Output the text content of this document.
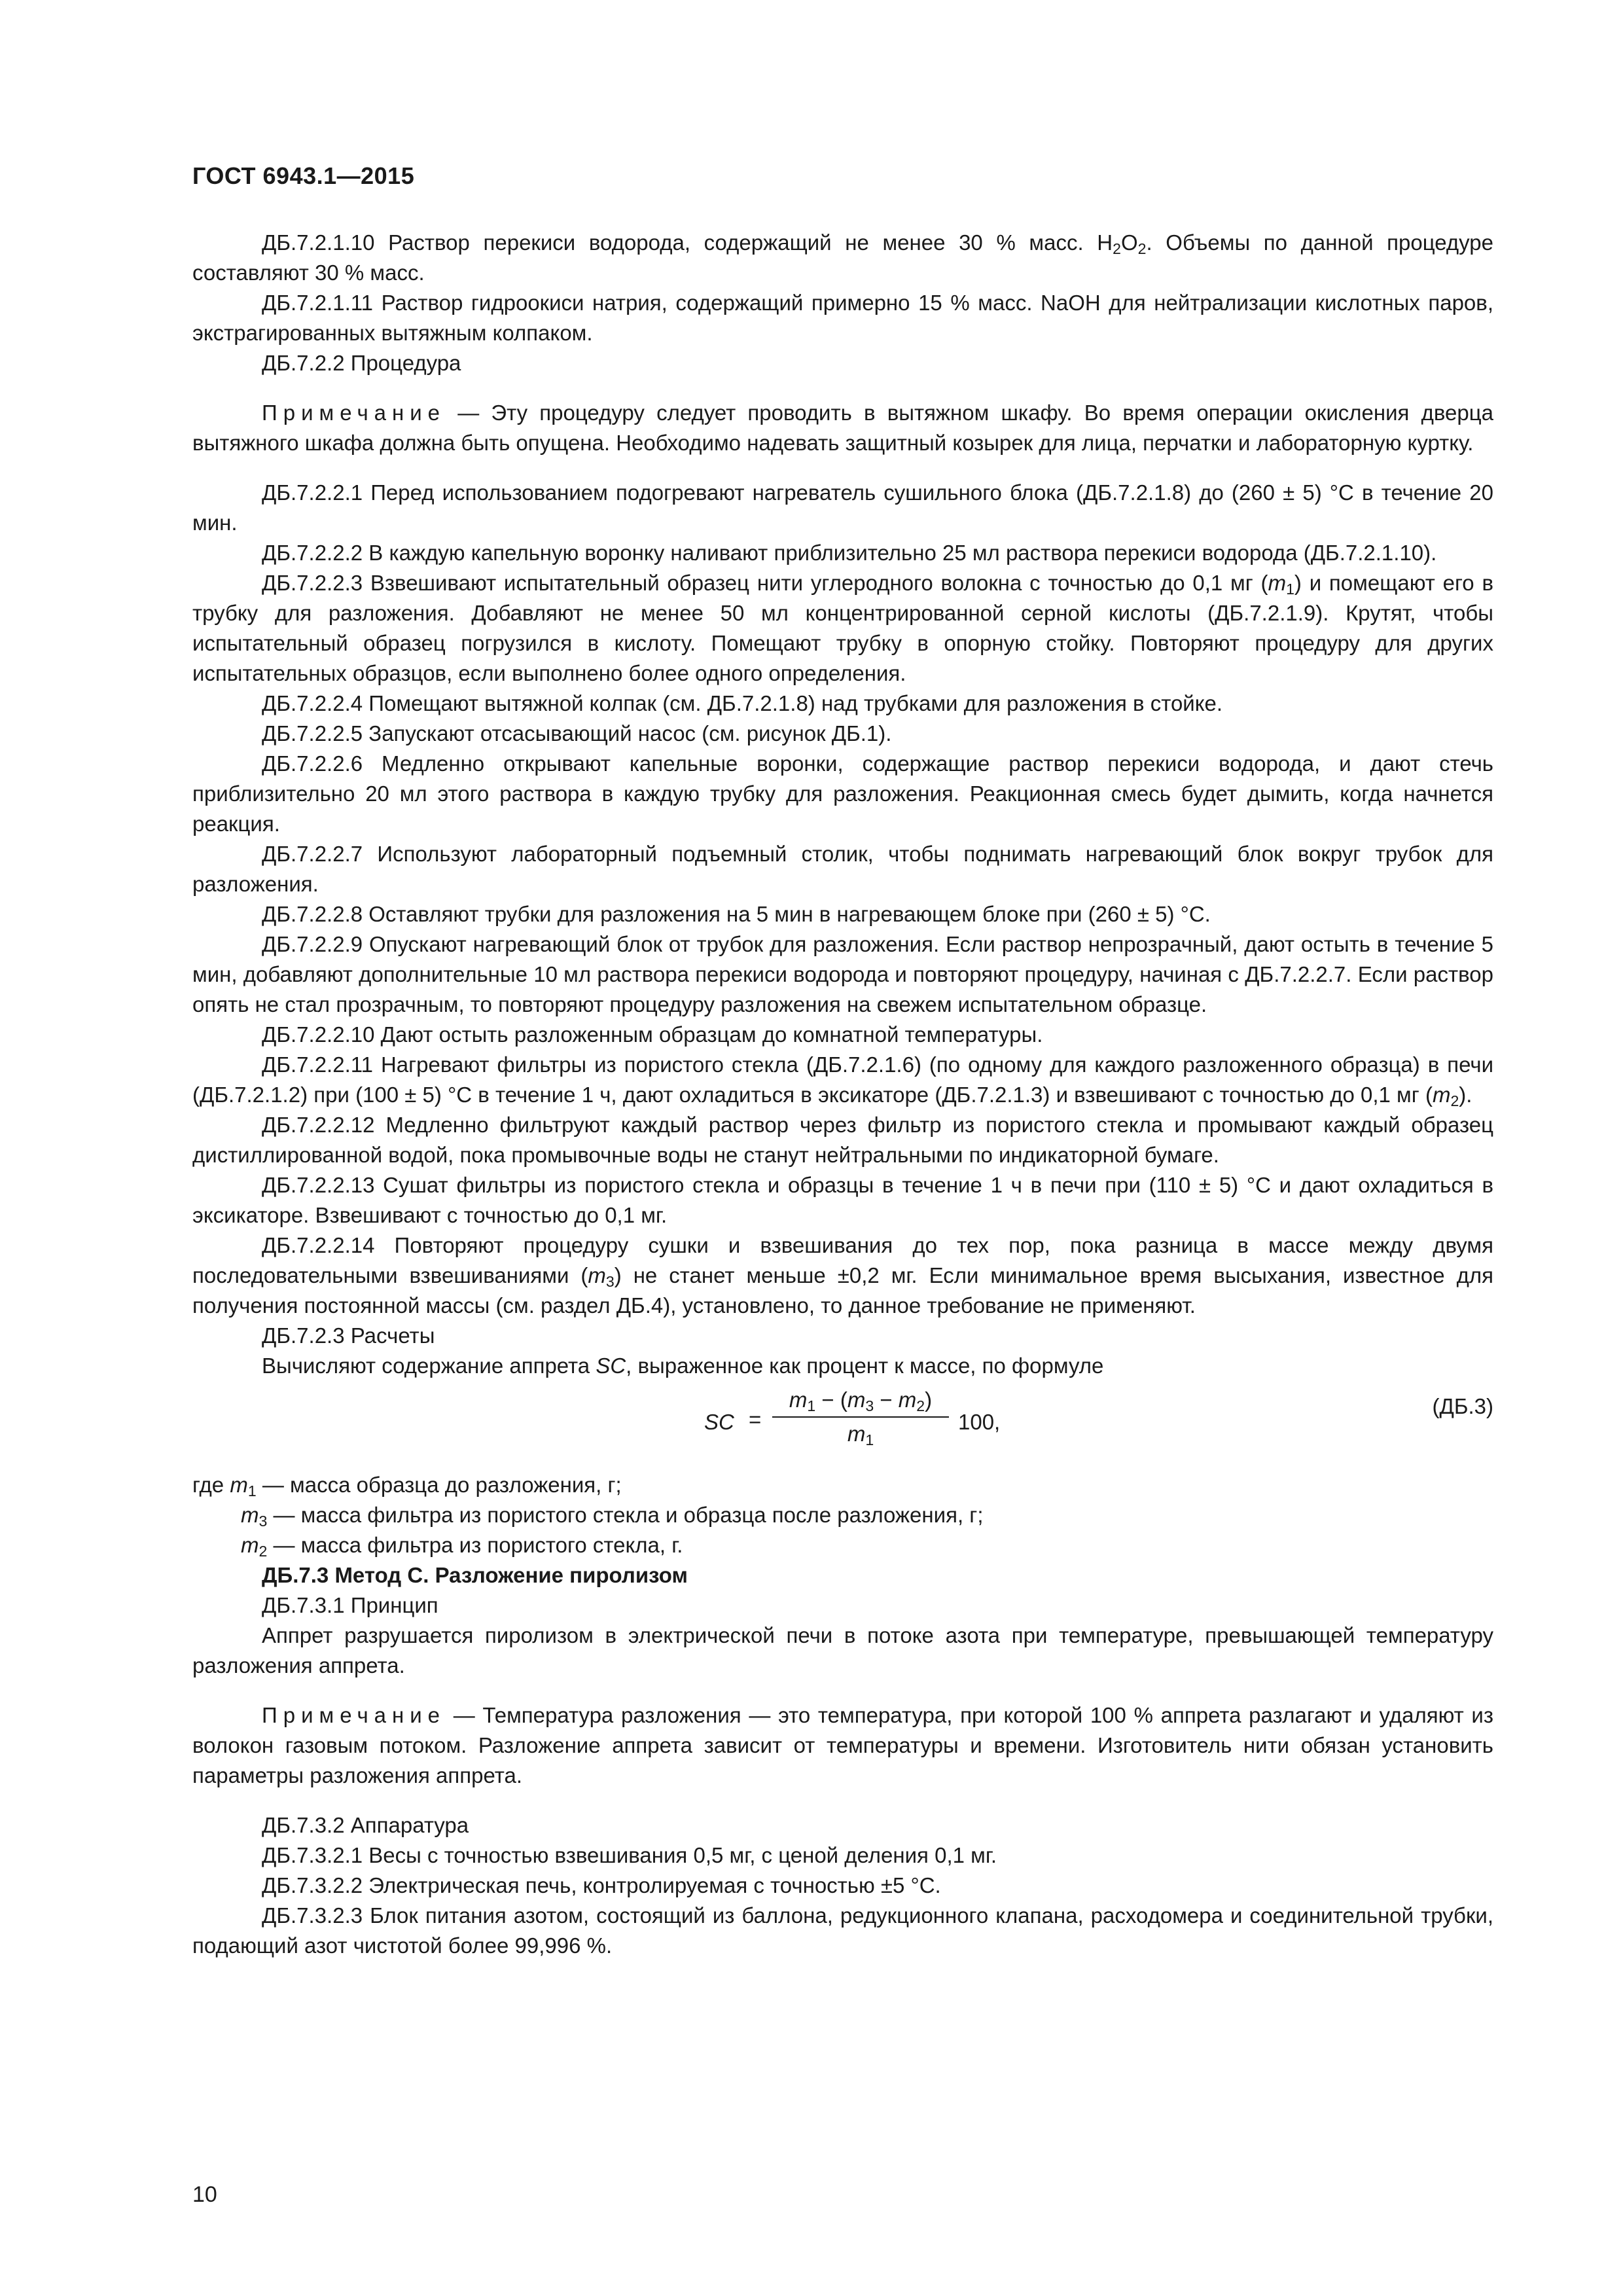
ГОСТ 6943.1—2015

ДБ.7.2.1.10 Раствор перекиси водорода, содержащий не менее 30 % масс. $H_2O_2$. Объемы по данной процедуре составляют 30 % масс.

ДБ.7.2.1.11 Раствор гидроокиси натрия, содержащий примерно 15 % масс. NaOH для нейтрализации кислотных паров, экстрагированных вытяжным колпаком.

ДБ.7.2.2 Процедура

Примечание — Эту процедуру следует проводить в вытяжном шкафу. Во время операции окисления дверца вытяжного шкафа должна быть опущена. Необходимо надевать защитный козырек для лица, перчатки и лабораторную куртку.

ДБ.7.2.2.1 Перед использованием подогревают нагреватель сушильного блока (ДБ.7.2.1.8) до (260 ± 5) °С в течение 20 мин.

ДБ.7.2.2.2 В каждую капельную воронку наливают приблизительно 25 мл раствора перекиси водорода (ДБ.7.2.1.10).

ДБ.7.2.2.3 Взвешивают испытательный образец нити углеродного волокна с точностью до 0,1 мг $(m_1)$ и помещают его в трубку для разложения. Добавляют не менее 50 мл концентрированной серной кислоты (ДБ.7.2.1.9). Крутят, чтобы испытательный образец погрузился в кислоту. Помещают трубку в опорную стойку. Повторяют процедуру для других испытательных образцов, если выполнено более одного определения.

ДБ.7.2.2.4 Помещают вытяжной колпак (см. ДБ.7.2.1.8) над трубками для разложения в стойке.

ДБ.7.2.2.5 Запускают отсасывающий насос (см. рисунок ДБ.1).

ДБ.7.2.2.6 Медленно открывают капельные воронки, содержащие раствор перекиси водорода, и дают стечь приблизительно 20 мл этого раствора в каждую трубку для разложения. Реакционная смесь будет дымить, когда начнется реакция.

ДБ.7.2.2.7 Используют лабораторный подъемный столик, чтобы поднимать нагревающий блок вокруг трубок для разложения.

ДБ.7.2.2.8 Оставляют трубки для разложения на 5 мин в нагревающем блоке при (260 ± 5) °С.

ДБ.7.2.2.9 Опускают нагревающий блок от трубок для разложения. Если раствор непрозрачный, дают остыть в течение 5 мин, добавляют дополнительные 10 мл раствора перекиси водорода и повторяют процедуру, начиная с ДБ.7.2.2.7. Если раствор опять не стал прозрачным, то повторяют процедуру разложения на свежем испытательном образце.

ДБ.7.2.2.10 Дают остыть разложенным образцам до комнатной температуры.

ДБ.7.2.2.11 Нагревают фильтры из пористого стекла (ДБ.7.2.1.6) (по одному для каждого разложенного образца) в печи (ДБ.7.2.1.2) при (100 ± 5) °С в течение 1 ч, дают охладиться в эксикаторе (ДБ.7.2.1.3) и взвешивают с точностью до 0,1 мг $(m_2)$.

ДБ.7.2.2.12 Медленно фильтруют каждый раствор через фильтр из пористого стекла и промывают каждый образец дистиллированной водой, пока промывочные воды не станут нейтральными по индикаторной бумаге.

ДБ.7.2.2.13 Сушат фильтры из пористого стекла и образцы в течение 1 ч в печи при (110 ± 5) °С и дают охладиться в эксикаторе. Взвешивают с точностью до 0,1 мг.

ДБ.7.2.2.14 Повторяют процедуру сушки и взвешивания до тех пор, пока разница в массе между двумя последовательными взвешиваниями $(m_3)$ не станет меньше ±0,2 мг. Если минимальное время высыхания, известное для получения постоянной массы (см. раздел ДБ.4), установлено, то данное требование не применяют.

ДБ.7.2.3 Расчеты

Вычисляют содержание аппрета SC, выраженное как процент к массе, по формуле

SC = $\frac{m_1 - (m_3 - m_2)}{m_1} 100$,
(ДБ.3)

где $m_1$ — масса образца до разложения, г;

$m_3$ — масса фильтра из пористого стекла и образца после разложения, г;

$m_2$ — масса фильтра из пористого стекла, г.

ДБ.7.3 Метод С. Разложение пиролизом

ДБ.7.3.1 Принцип

Аппрет разрушается пиролизом в электрической печи в потоке азота при температуре, превышающей температуру разложения аппрета.

Примечание — Температура разложения — это температура, при которой 100 % аппрета разлагают и удаляют из волокон газовым потоком. Разложение аппрета зависит от температуры и времени. Изготовитель нити обязан установить параметры разложения аппрета.

ДБ.7.3.2 Аппаратура

ДБ.7.3.2.1 Весы с точностью взвешивания 0,5 мг, с ценой деления 0,1 мг.

ДБ.7.3.2.2 Электрическая печь, контролируемая с точностью ±5 °С.

ДБ.7.3.2.3 Блок питания азотом, состоящий из баллона, редукционного клапана, расходомера и соединительной трубки, подающий азот чистотой более 99,996 %.

10
